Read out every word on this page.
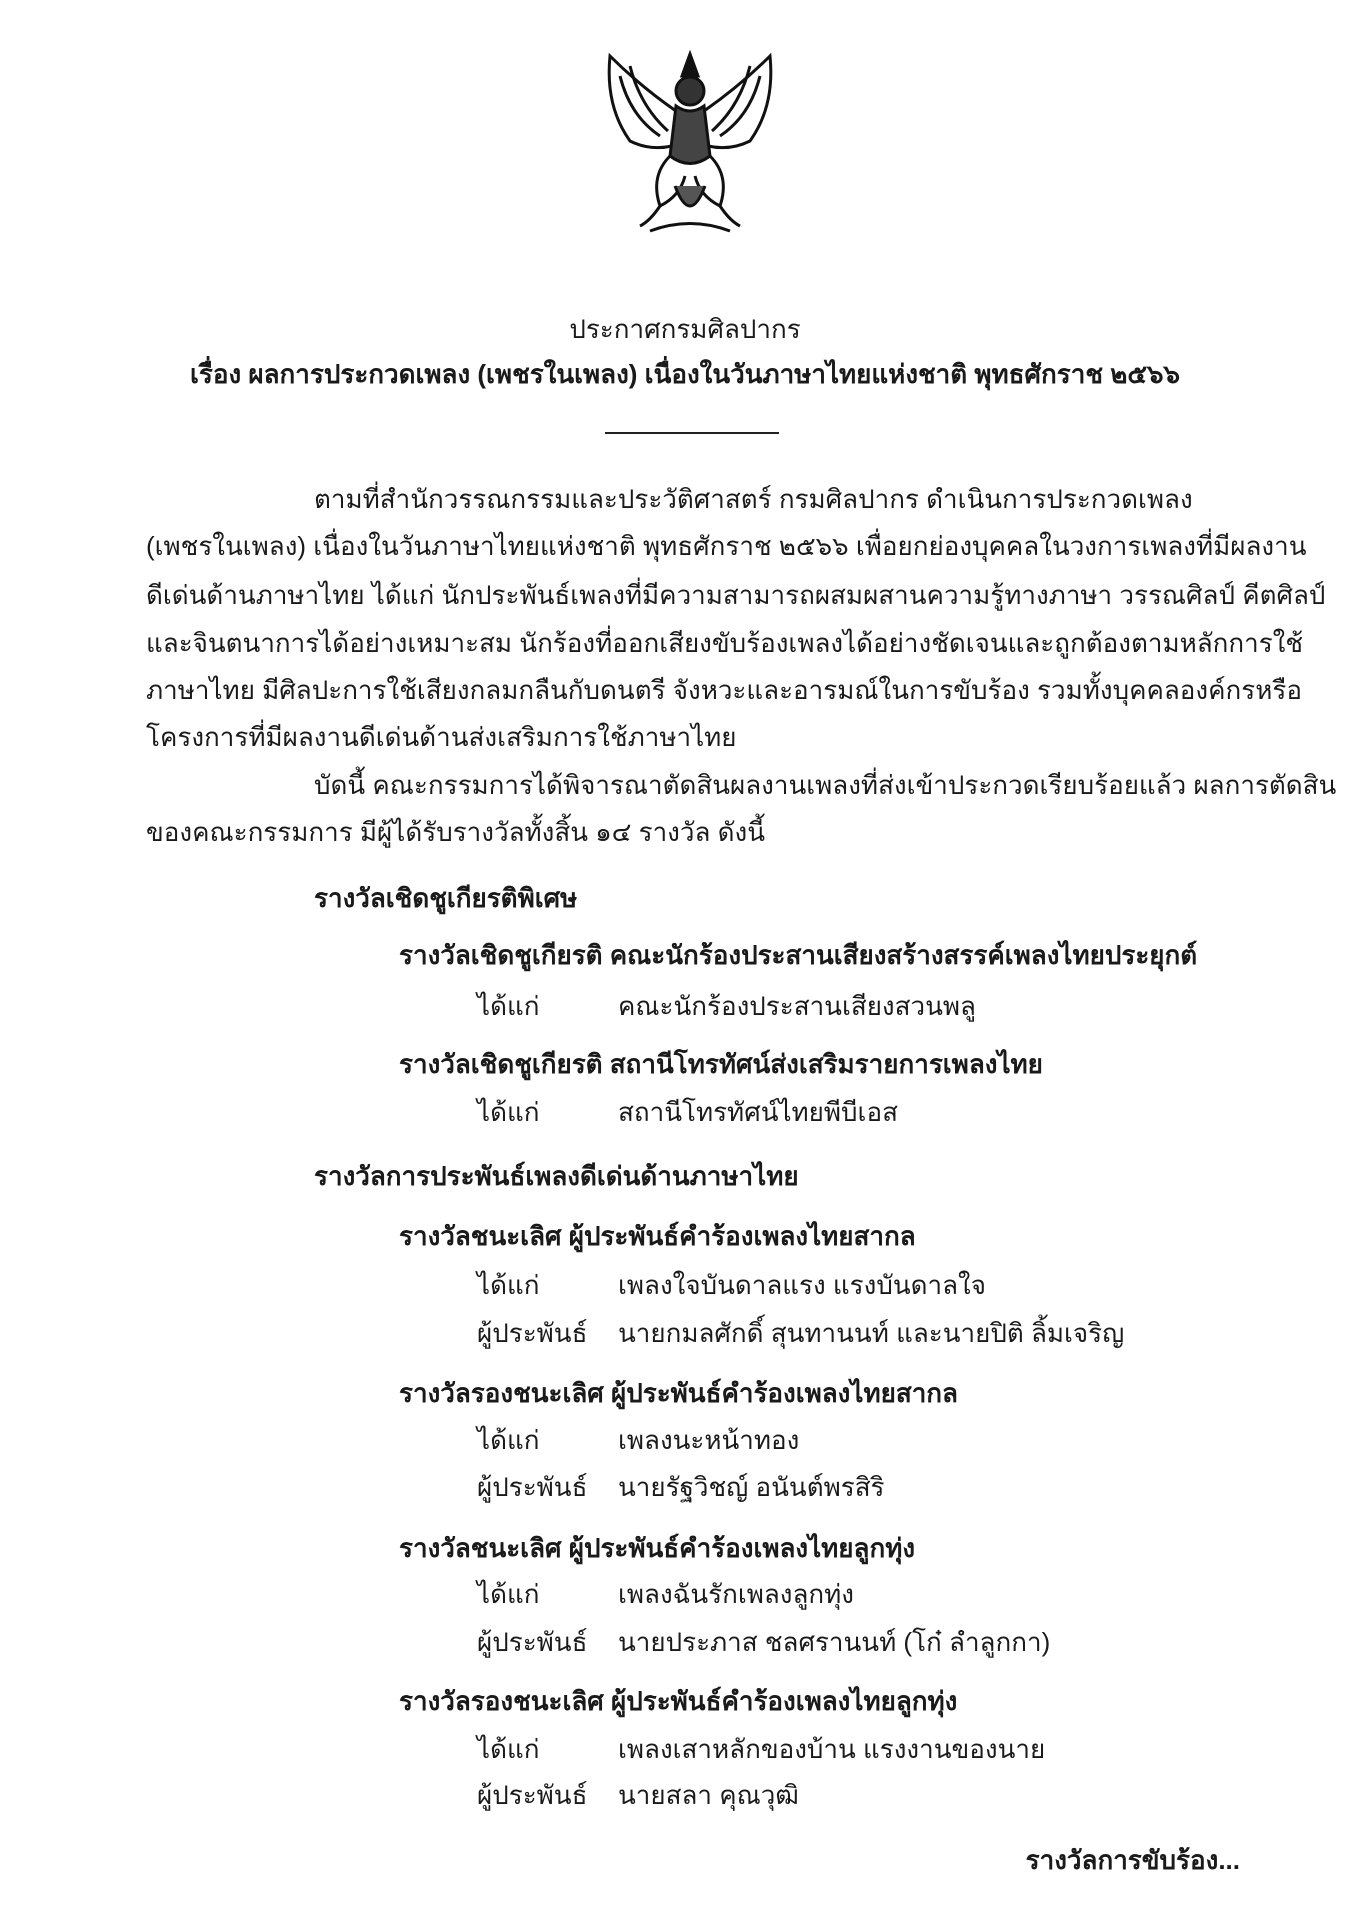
ประกาศกรมศิลปากร
เรื่อง ผลการประกวดเพลง (เพชรในเพลง) เนื่องในวันภาษาไทยแห่งชาติ พุทธศักราช ๒๕๖๖
ตามที่สำนักวรรณกรรมและประวัติศาสตร์ กรมศิลปากร ดำเนินการประกวดเพลง
(เพชรในเพลง) เนื่องในวันภาษาไทยแห่งชาติ พุทธศักราช ๒๕๖๖ เพื่อยกย่องบุคคลในวงการเพลงที่มีผลงาน
ดีเด่นด้านภาษาไทย ได้แก่ นักประพันธ์เพลงที่มีความสามารถผสมผสานความรู้ทางภาษา วรรณศิลป์ คีตศิลป์
และจินตนาการได้อย่างเหมาะสม นักร้องที่ออกเสียงขับร้องเพลงได้อย่างชัดเจนและถูกต้องตามหลักการใช้
ภาษาไทย มีศิลปะการใช้เสียงกลมกลืนกับดนตรี จังหวะและอารมณ์ในการขับร้อง รวมทั้งบุคคลองค์กรหรือ
โครงการที่มีผลงานดีเด่นด้านส่งเสริมการใช้ภาษาไทย
บัดนี้ คณะกรรมการได้พิจารณาตัดสินผลงานเพลงที่ส่งเข้าประกวดเรียบร้อยแล้ว ผลการตัดสิน
ของคณะกรรมการ มีผู้ได้รับรางวัลทั้งสิ้น ๑๔ รางวัล ดังนี้
รางวัลเชิดชูเกียรติพิเศษ
รางวัลเชิดชูเกียรติ คณะนักร้องประสานเสียงสร้างสรรค์เพลงไทยประยุกต์
ได้แก่	คณะนักร้องประสานเสียงสวนพลู
รางวัลเชิดชูเกียรติ สถานีโทรทัศน์ส่งเสริมรายการเพลงไทย
ได้แก่	สถานีโทรทัศน์ไทยพีบีเอส
รางวัลการประพันธ์เพลงดีเด่นด้านภาษาไทย
รางวัลชนะเลิศ ผู้ประพันธ์คำร้องเพลงไทยสากล
ได้แก่	เพลงใจบันดาลแรง แรงบันดาลใจ
ผู้ประพันธ์ นายกมลศักดิ์ สุนทานนท์ และนายปิติ ลิ้มเจริญ
รางวัลรองชนะเลิศ ผู้ประพันธ์คำร้องเพลงไทยสากล
ได้แก่	เพลงนะหน้าทอง
ผู้ประพันธ์ นายรัฐวิชญ์ อนันต์พรสิริ
รางวัลชนะเลิศ ผู้ประพันธ์คำร้องเพลงไทยลูกทุ่ง
ได้แก่	เพลงฉันรักเพลงลูกทุ่ง
ผู้ประพันธ์ นายประภาส ชลศรานนท์ (โก๋ ลำลูกกา)
รางวัลรองชนะเลิศ ผู้ประพันธ์คำร้องเพลงไทยลูกทุ่ง
ได้แก่	เพลงเสาหลักของบ้าน แรงงานของนาย
ผู้ประพันธ์ นายสลา คุณวุฒิ
รางวัลการขับร้อง...
